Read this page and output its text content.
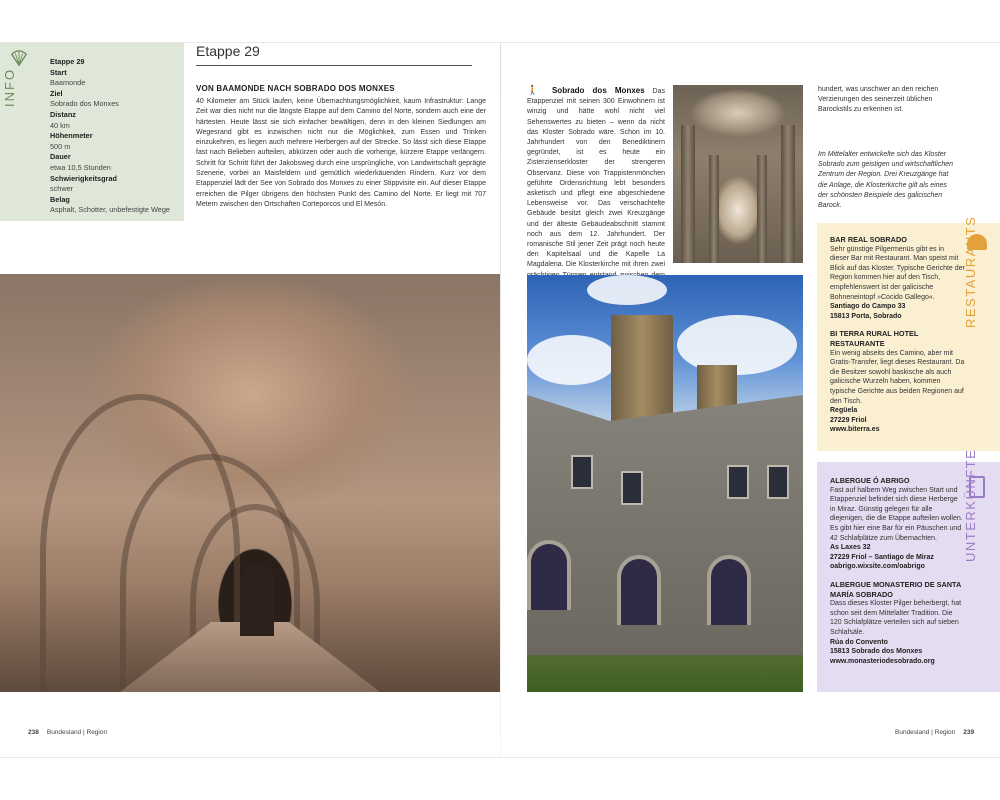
INFO
Etappe 29
Start
Baamonde
Ziel
Sobrado dos Monxes
Distanz
40 km
Höhenmeter
500 m
Dauer
etwa 10,5 Stunden
Schwierigkeitsgrad
schwer
Belag
Asphalt, Schotter, unbefestigte Wege
Etappe 29
VON BAAMONDE NACH SOBRADO DOS MONXES
40 Kilometer am Stück laufen, keine Übernachtungsmöglichkeit, kaum Infrastruktur: Lange Zeit war dies nicht nur die längste Etappe auf dem Camino del Norte, sondern auch eine der härtesten. Heute lässt sie sich einfacher bewältigen, denn in den kleinen Siedlungen am Wegesrand gibt es inzwischen nicht nur die Möglichkeit, zum Essen und Trinken einzukehren, es liegen auch mehrere Herbergen auf der Strecke. So lässt sich diese Etappe fast nach Belieben aufteilen, abkürzen oder auch die vorherige, kürzere Etappe verlängern. Schritt für Schritt führt der Jakobsweg durch eine ursprüngliche, von Landwirtschaft geprägte Szenerie, vorbei an Maisfeldern und gemütlich wiederkäuenden Rindern. Kurz vor dem Etappenziel lädt der See von Sobrado dos Monxes zu einer Stippvisite ein. Auf dieser Etappe erreichen die Pilger übrigens den höchsten Punkt des Camino del Norte. Er liegt mit 707 Metern zwischen den Ortschaften Corteporcos und El Mesón.
🚶 Sobrado dos Monxes Das Etappenziel mit seinen 300 Einwohnern ist winzig und hätte wohl nicht viel Sehenswertes zu bieten – wenn da nicht das Kloster Sobrado wäre. Schon im 10. Jahrhundert von den Benediktinern gegründet, ist es heute ein Zisterzienserkloster der strengeren Observanz. Diese von Trappistenmönchen geführte Ordensrichtung lebt besonders asketisch und pflegt eine abgeschiedene Lebensweise vor. Das verschachtelte Gebäude besitzt gleich zwei Kreuzgänge und der älteste Gebäudeabschnitt stammt noch aus dem 12. Jahrhundert. Der romanische Stil jener Zeit prägt noch heute den Kapitelsaal und die Kapelle La Magdalena. Die Klosterkirche mit ihren zwei
hundert, was unschwer an den reichen Verzierungen des seinerzeit üblichen Barockstils zu erkennen ist.
Im Mittelalter entwickelte sich das Kloster Sobrado zum geistigen und wirtschaftlichen Zentrum der Region. Drei Kreuzgänge hat die Anlage, die Klosterkirche gilt als eines der schönsten Beispiele des galicischen Barock.
BAR REAL SOBRADO
Sehr günstige Pilgermenüs gibt es in dieser Bar mit Restaurant. Man speist mit Blick auf das Kloster. Typische Gerichte der Region kommen hier auf den Tisch, empfehlenswert ist der galicische Bohneneintopf »Cocido Gallego«.
Santiago do Campo 33
15813 Porta, Sobrado
BI TERRA RURAL HOTEL RESTAURANTE
Ein wenig abseits des Camino, aber mit Gratis-Transfer, liegt dieses Restaurant. Da die Besitzer sowohl baskische als auch galicische Wurzeln haben, kommen typische Gerichte aus beiden Regionen auf den Tisch.
Regüela
27229 Friol
www.biterra.es
RESTAURANTS
ALBERGUE Ó ABRIGO
Fast auf halbem Weg zwischen Start und Etappenziel befindet sich diese Herberge in Miraz. Günstig gelegen für alle diejenigen, die die Etappe aufteilen wollen. Es gibt hier eine Bar für ein Päuschen und 42 Schlafplätze zum Übernachten.
As Laxes 32
27229 Friol – Santiago de Miraz
oabrigo.wixsite.com/oabrigo
ALBERGUE MONASTERIO DE SANTA MARÍA SOBRADO
Dass dieses Kloster Pilger beherbergt, hat schon seit dem Mittelalter Tradition. Die 120 Schlafplätze verteilen sich auf sieben Schlafsäle.
Rúa do Convento
15813 Sobrado dos Monxes
www.monasteriodesobrado.org
UNTERKÜNFTE
238 Bundesland | Region	Bundesland | Region 239
